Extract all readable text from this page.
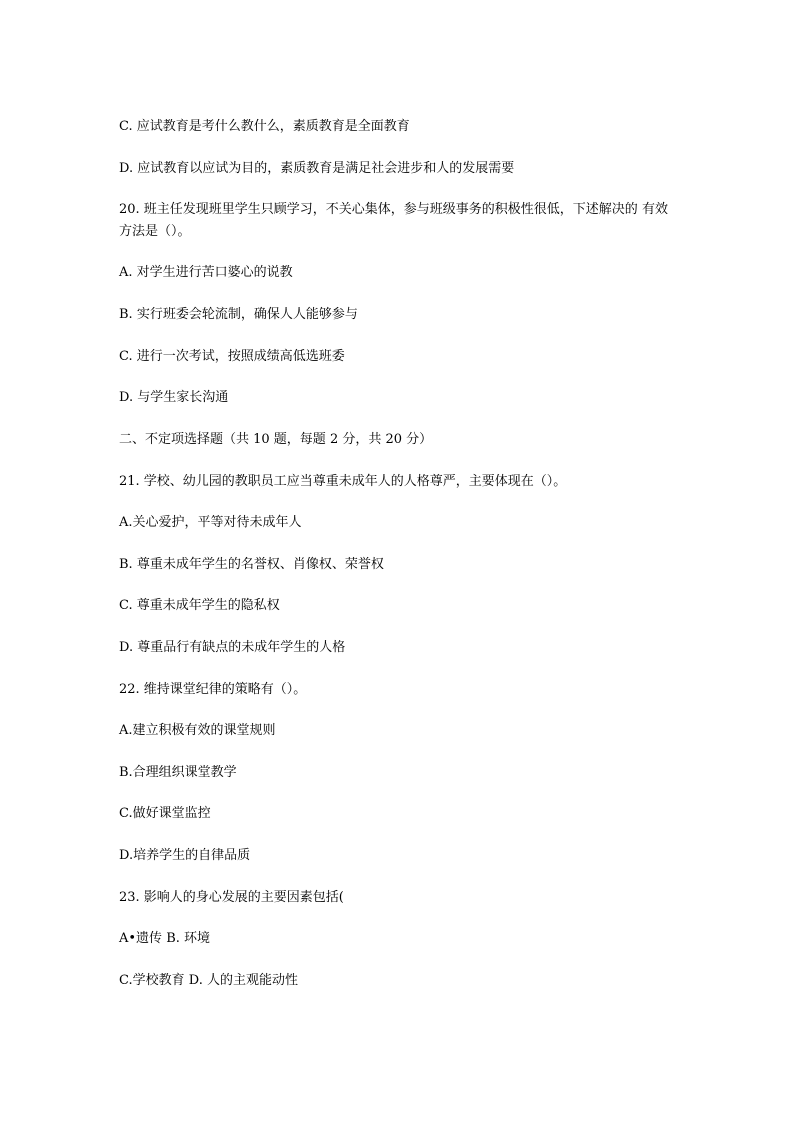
C. 应试教育是考什么教什么，素质教育是全面教育
D. 应试教育以应试为目的，素质教育是满足社会进步和人的发展需要
20. 班主任发现班里学生只顾学习，不关心集体，参与班级事务的积极性很低，下述解决的 有效方法是（）。
A. 对学生进行苦口婆心的说教
B. 实行班委会轮流制，确保人人能够参与
C. 进行一次考试，按照成绩高低选班委
D. 与学生家长沟通
二、不定项选择题（共 10 题，每题 2 分，共 20 分）
21. 学校、幼儿园的教职员工应当尊重未成年人的人格尊严，主要体现在（）。
A.关心爱护，平等对待未成年人
B. 尊重未成年学生的名誉权、肖像权、荣誉权
C. 尊重未成年学生的隐私权
D. 尊重品行有缺点的未成年学生的人格
22. 维持课堂纪律的策略有（）。
A.建立积极有效的课堂规则
B.合理组织课堂教学
C.做好课堂监控
D.培养学生的自律品质
23. 影响人的身心发展的主要因素包括(
A•遗传 B. 环境
C.学校教育 D. 人的主观能动性
